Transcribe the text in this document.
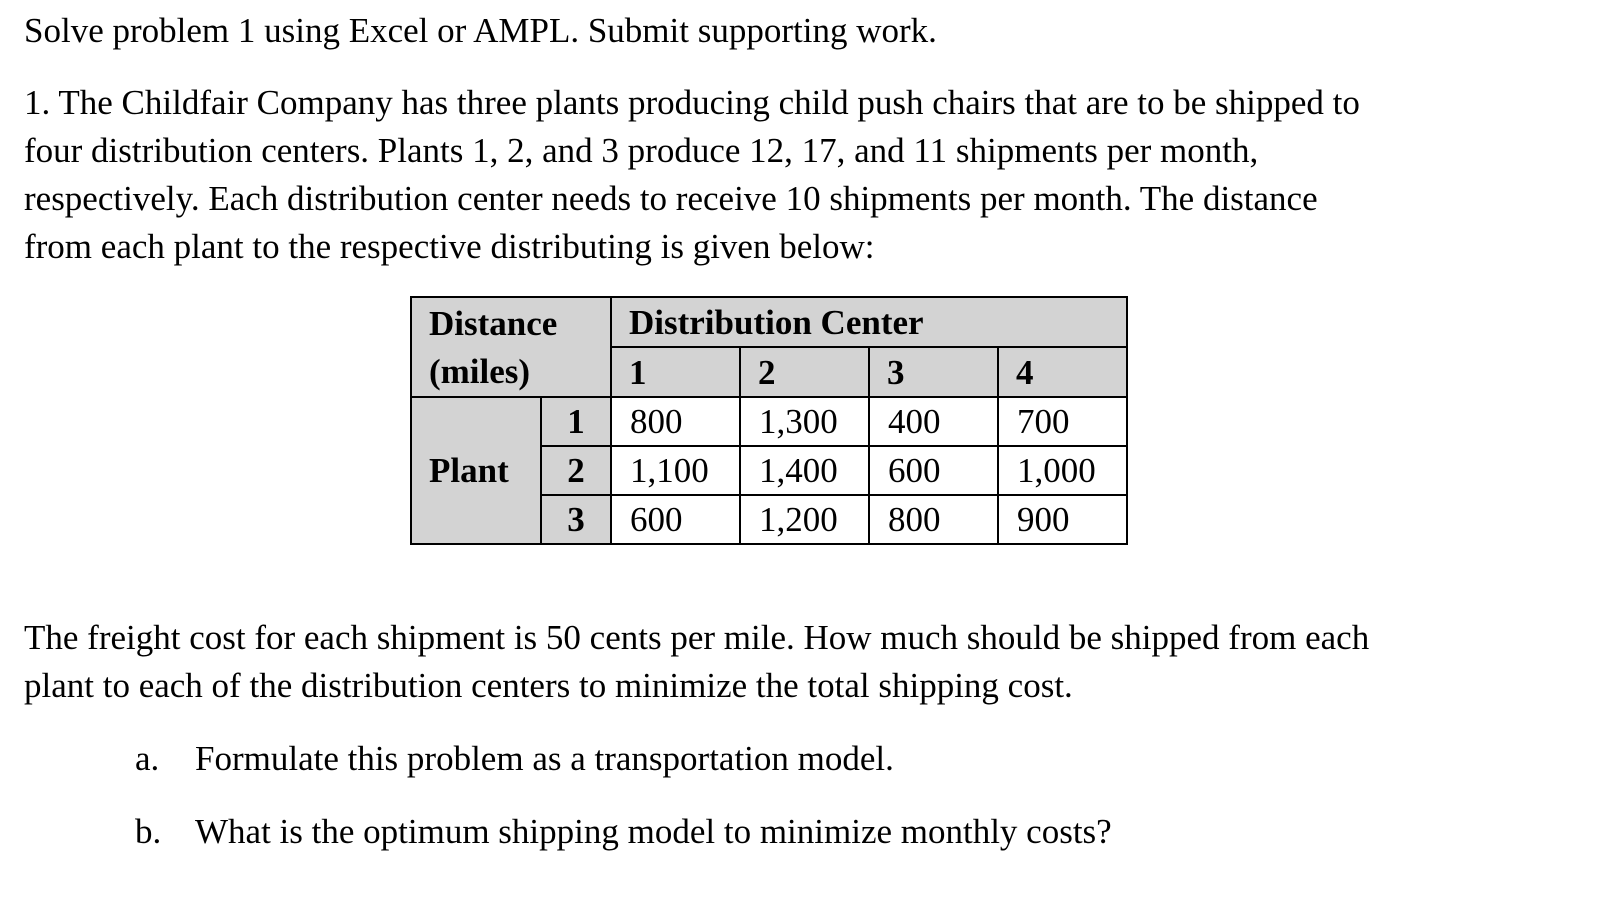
Solve problem 1 using Excel or AMPL. Submit supporting work.
1. The Childfair Company has three plants producing child push chairs that are to be shipped to
four distribution centers. Plants 1, 2, and 3 produce 12, 17, and 11 shipments per month,
respectively. Each distribution center needs to receive 10 shipments per month. The distance
from each plant to the respective distributing is given below:
Distance
(miles)		Distribution Center			
		1	2	3	4
Plant	1	800	1,300	400	700
	2	1,100	1,400	600	1,000
	3	600	1,200	800	900
The freight cost for each shipment is 50 cents per mile. How much should be shipped from each
plant to each of the distribution centers to minimize the total shipping cost.
a. Formulate this problem as a transportation model.
b. What is the optimum shipping model to minimize monthly costs?
